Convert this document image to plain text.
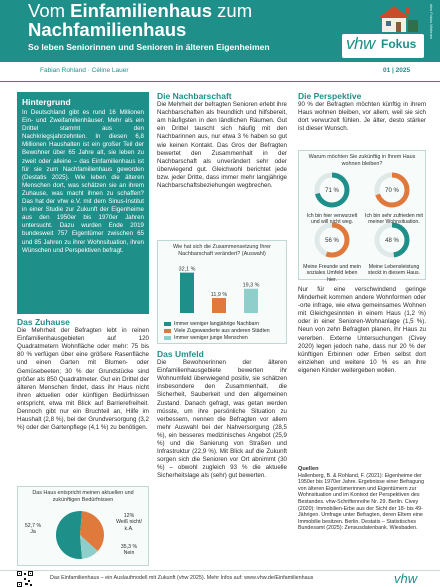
Vom Einfamilienhaus zum
Nachfamilienhaus
So leben Seniorinnen und Senioren in älteren Eigenheimen
vhw Fokus Wohnen
vhw Fokus
Fabian Rohland · Céline Lauer	01 | 2025
Hintergrund

In Deutschland gibt es rund 16 Millionen Ein- und Zweifamilienhäuser. Mehr als ein Drittel stammt aus den Nachkriegsjahrzehnten. In diesen 6,8 Millionen Haushalten ist ein großer Teil der Bewohner über 65 Jahre alt, sie leben zu zweit oder alleine – das Einfamilienhaus ist für sie zum Nachfamilienhaus geworden (Destatis 2025). Wie leben die älteren Menschen dort, was schätzen sie an ihrem Zuhause, was macht ihnen zu schaffen? Das hat der vhw e.V. mit dem Sinus-Institut in einer Studie zur Zukunft der Eigenheime aus den 1950er bis 1970er Jahren untersucht. Dazu wurden Ende 2019 bundesweit 757 Eigentümer zwischen 65 und 85 Jahren zu ihrer Wohnsituation, ihren Wünschen und Perspektiven befragt.

Das Zuhause

Die Mehrheit der Befragten lebt in reinen Einfamilienhausgebieten auf 120 Quadratmetern Wohnfläche oder mehr: 75 bis 80 % verfügen über eine größere Rasenfläche und einen Garten mit Blumen- oder Gemüsebeeten; 30 % der Grundstücke sind größer als 850 Quadratmeter. Gut ein Drittel der älteren Menschen findet, dass ihr Haus nicht ihren aktuellen oder künftigen Bedürfnissen entspricht, etwa mit Blick auf Barrierefreiheit. Dennoch gibt nur ein Bruchteil an, Hilfe im Haushalt (2,8 %), bei der Grundversorgung (3,2 %) oder der Gartenpflege (4,1 %) zu benötigen.

Das Haus entspricht meinen aktuellen und zukünftigen Bedürfnissen
52,7 %
Ja
12%
Weiß nicht/ k.A.
35,3 %
Nein
Die Nachbarschaft

Die Mehrheit der befragten Senioren erlebt ihre Nachbarschaften als freundlich und hilfsbereit, am häufigsten in den ländlichen Räumen. Gut ein Drittel tauscht sich häufig mit den Nachbarinnen aus, nur etwa 3 % haben so gut wie keinen Kontakt. Das Gros der Befragten bewertet den Zusammenhalt in der Nachbarschaft als unverändert sehr oder überwiegend gut. Gleichwohl berichtet jede bzw. jeder Dritte, dass immer mehr langjährige Nachbarschaftsbeziehungen wegbrechen.

Wie hat sich die Zusammensetzung Ihrer Nachbarschaft verändert? (Auswahl)
32,1 %
11,9 %
19,3 %
Immer weniger langjährige Nachbarn
Viele Zugewanderte aus anderen Städten
Immer weniger junge Menschen
Das Umfeld

Die Bewohnerinnen der älteren Einfamilienhausgebiete bewerten ihr Wohnumfeld überwiegend positiv, sie schätzen insbesondere den Zusammenhalt, die Sicherheit, Sauberkeit und den allgemeinen Zustand. Danach gefragt, was getan werden müsste, um ihre persönliche Situation zu verbessern, nennen die Befragten vor allem mehr Auswahl bei der Nahversorgung (28,5 %), ein besseres medizinisches Angebot (25,9 %) und die Sanierung von Straßen und Infrastruktur (22,9 %). Mit Blick auf die Zukunft sorgen sich die Senioren vor Ort abnimmt (30 %) – obwohl zugleich 93 % die aktuelle Sicherheitslage als (sehr) gut bewerten.

Die Perspektive

90 % der Befragten möchten künftig in ihrem Haus wohnen bleiben, vor allem, weil sie sich dort verwurzelt fühlen. Je älter, desto stärker ist dieser Wunsch.

Warum möchten Sie zukünftig in Ihrem Haus wohnen bleiben?
71 %	70 %
56 %	48 %
Ich bin hier verwurzelt und will nicht weg.
Ich bin sehr zufrieden mit meiner Wohnsituation.
Meine Freunde und mein soziales Umfeld leben hier.
Meine Lebensleistung steckt in diesem Haus.

Nur für eine verschwindend geringe Minderheit kommen andere Wohnformen oder -orte infrage, wie etwa gemeinsames Wohnen mit Gleichgesinnten in einem Haus (1,2 %) oder in einer Senioren-Wohnanlage (1,5 %). Neun von zehn Befragten planen, ihr Haus zu vererben. Externe Untersuchungen (Civey 2020) legen jedoch nahe, dass nur 20 % der künftigen Erbinnen oder Erben selbst dort einziehen und weitere 10 % es an ihre eigenen Kinder weitergeben wollen.

Quellen

Hallenberg, B. & Rohland, F. (2021): Eigenheime der 1950er bis 1970er Jahre. Ergebnisse einer Befragung von älteren Eigentümerinnen und Eigentümern zur Wohnsituation und im Kontext der Perspektiven des Bestandes. vhw-Schriftenreihe Nr. 29. Berlin. Civey (2020): Immobilien-Erbe aus der Sicht der 18- bis 49-Jährigen. Umfrage unter Befragten, deren Eltern eine Immobilie besitzen. Berlin. Destatis – Statistisches Bundesamt (2025): Zensusdatenbank. Wiesbaden.

Das Einfamilienhaus – ein Auslaufmodell mit Zukunft (vhw 2025). Mehr Infos auf: www.vhw.de/Einfamilienhaus	vhw
